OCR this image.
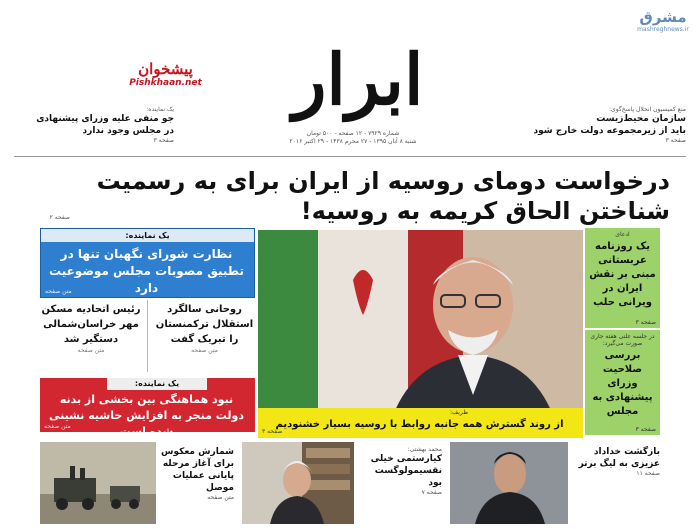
مشرق
mashreghnews.ir
ابرار
شماره ۷۹۲۹ - ۱۲ صفحه - ۵۰۰ تومان
شنبه ۸ آبان ۱۳۹۵ - ۲۷ محرم ۱۴۳۸ - ۲۹ اکتبر ۲۰۱۶
پیشخوان
Pishkhaan.net
منع کمیسیون انحلال پاسخ‌گوی:
سازمان محیط‌زیست
باید از زیرمجموعه دولت خارج شود
صفحه ۳
یک نماینده:
جو منفی علیه وزرای پیشنهادی
در مجلس وجود ندارد
صفحه ۳
درخواست دومای روسیه از ایران برای به رسمیت شناختن الحاق کریمه به روسیه!
صفحه ۲
یک نماینده:
نظارت شورای نگهبان تنها در تطبیق مصوبات مجلس موضوعیت دارد
متن صفحه
رئیس اتحادیه مسکن مهر خراسان‌شمالی دستگیر شد
متن صفحه
روحانی سالگرد استقلال ترکمنستان را تبریک گفت
متن صفحه
یک نماینده:
نبود هماهنگی بین بخشی از بدنه دولت منجر به افزایش حاشیه نشینی شده است
متن صفحه
ظریف:
از روند گسترش همه جانبه روابط با روسیه بسیار خشنودیم
صفحه ۳
ادعای
یک روزنامه عربستانی مبنی بر نقش ایران در ویرانی حلب
صفحه ۳
در جلسه علنی هفته جاری صورت می‌گیرد:
بررسی صلاحیت وزرای پیشنهادی به مجلس
صفحه ۳
بازگشت خداداد عزیزی به لیگ برتر
صفحه ۱۱
محمد بهشتی:
کیارستمی خیلی نقسیمولوگست بود
صفحه ۷
شمارش معکوس برای آغاز مرحله پایانی عملیات موصل
متن صفحه
